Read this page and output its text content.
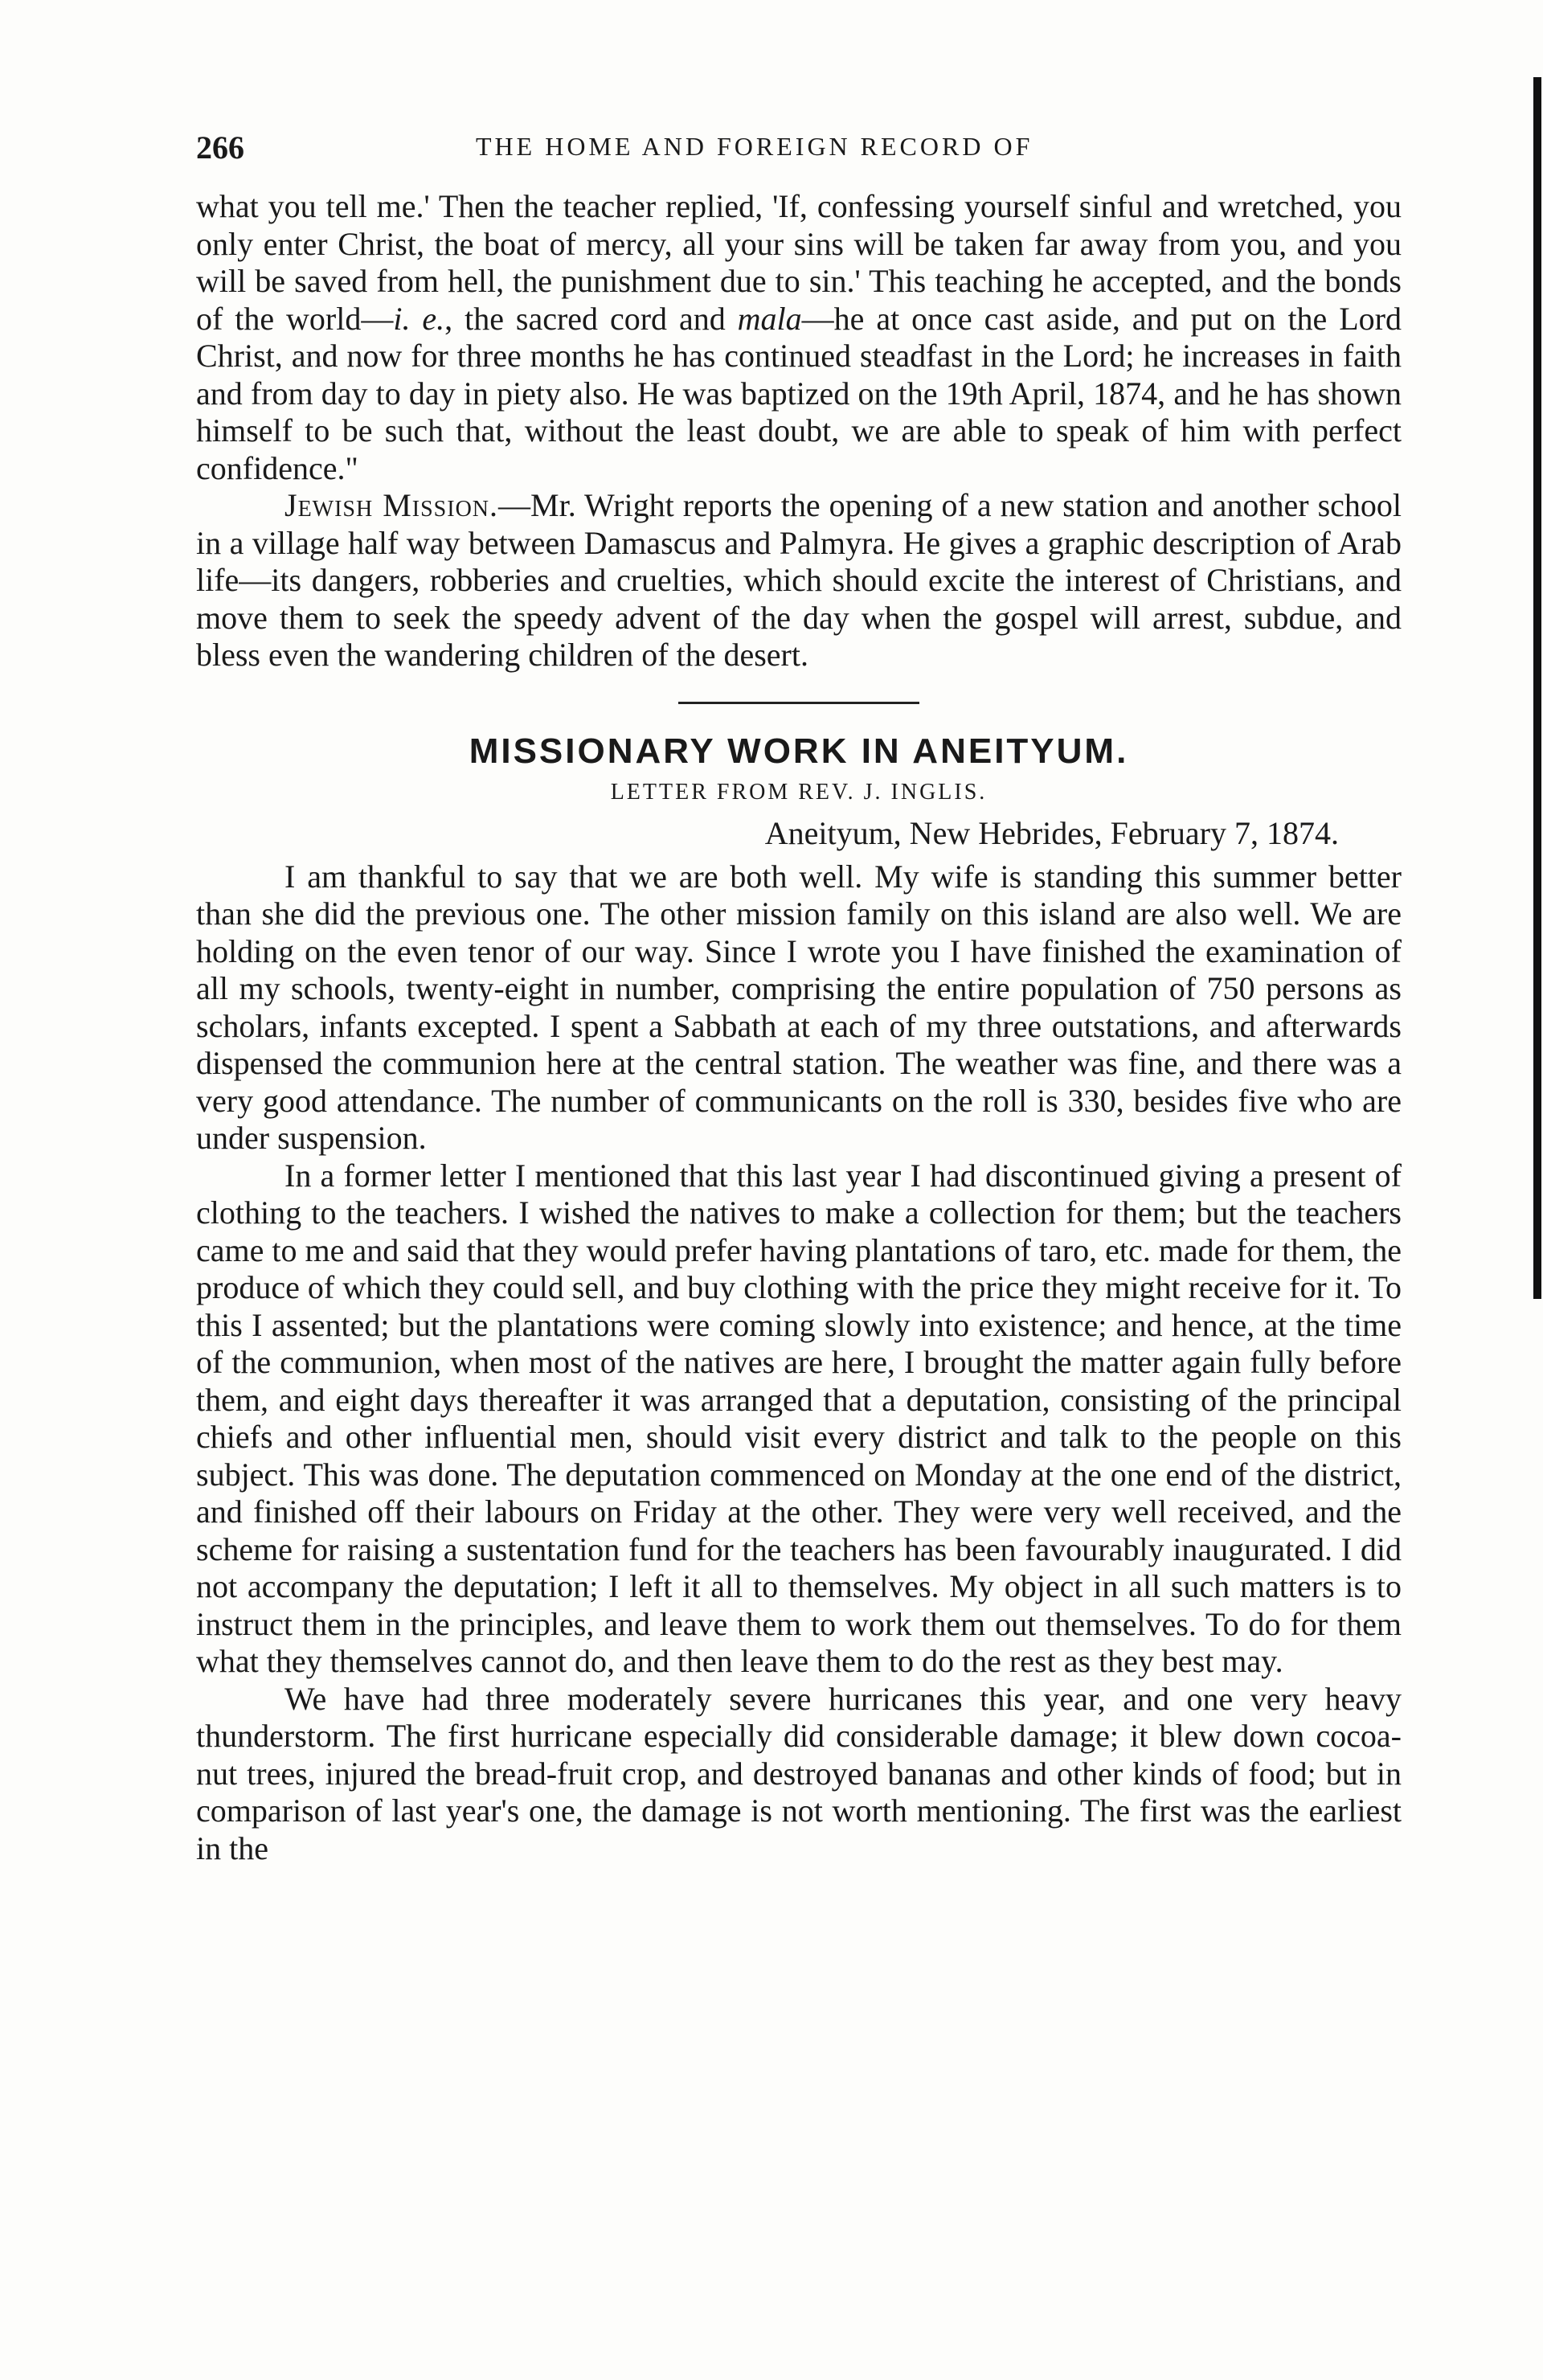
266	THE HOME AND FOREIGN RECORD OF

what you tell me.' Then the teacher replied, 'If, confessing yourself sinful and wretched, you only enter Christ, the boat of mercy, all your sins will be taken far away from you, and you will be saved from hell, the punishment due to sin.' This teaching he accepted, and the bonds of the world—i. e., the sacred cord and mala—he at once cast aside, and put on the Lord Christ, and now for three months he has continued steadfast in the Lord; he increases in faith and from day to day in piety also. He was baptized on the 19th April, 1874, and he has shown himself to be such that, without the least doubt, we are able to speak of him with perfect confidence."

Jewish Mission.—Mr. Wright reports the opening of a new station and another school in a village half way between Damascus and Palmyra. He gives a graphic description of Arab life—its dangers, robberies and cruelties, which should excite the interest of Christians, and move them to seek the speedy advent of the day when the gospel will arrest, subdue, and bless even the wandering children of the desert.

MISSIONARY WORK IN ANEITYUM.
LETTER FROM REV. J. INGLIS.
Aneityum, New Hebrides, February 7, 1874.

I am thankful to say that we are both well. My wife is standing this summer better than she did the previous one. The other mission family on this island are also well. We are holding on the even tenor of our way. Since I wrote you I have finished the examination of all my schools, twenty-eight in number, comprising the entire population of 750 persons as scholars, infants excepted. I spent a Sabbath at each of my three outstations, and afterwards dispensed the communion here at the central station. The weather was fine, and there was a very good attendance. The number of communicants on the roll is 330, besides five who are under suspension.

In a former letter I mentioned that this last year I had discontinued giving a present of clothing to the teachers. I wished the natives to make a collection for them; but the teachers came to me and said that they would prefer having plantations of taro, etc. made for them, the produce of which they could sell, and buy clothing with the price they might receive for it. To this I assented; but the plantations were coming slowly into existence; and hence, at the time of the communion, when most of the natives are here, I brought the matter again fully before them, and eight days thereafter it was arranged that a deputation, consisting of the principal chiefs and other influential men, should visit every district and talk to the people on this subject. This was done. The deputation commenced on Monday at the one end of the district, and finished off their labours on Friday at the other. They were very well received, and the scheme for raising a sustentation fund for the teachers has been favourably inaugurated. I did not accompany the deputation; I left it all to themselves. My object in all such matters is to instruct them in the principles, and leave them to work them out themselves. To do for them what they themselves cannot do, and then leave them to do the rest as they best may.

We have had three moderately severe hurricanes this year, and one very heavy thunderstorm. The first hurricane especially did considerable damage; it blew down cocoa-nut trees, injured the bread-fruit crop, and destroyed bananas and other kinds of food; but in comparison of last year's one, the damage is not worth mentioning. The first was the earliest in the
